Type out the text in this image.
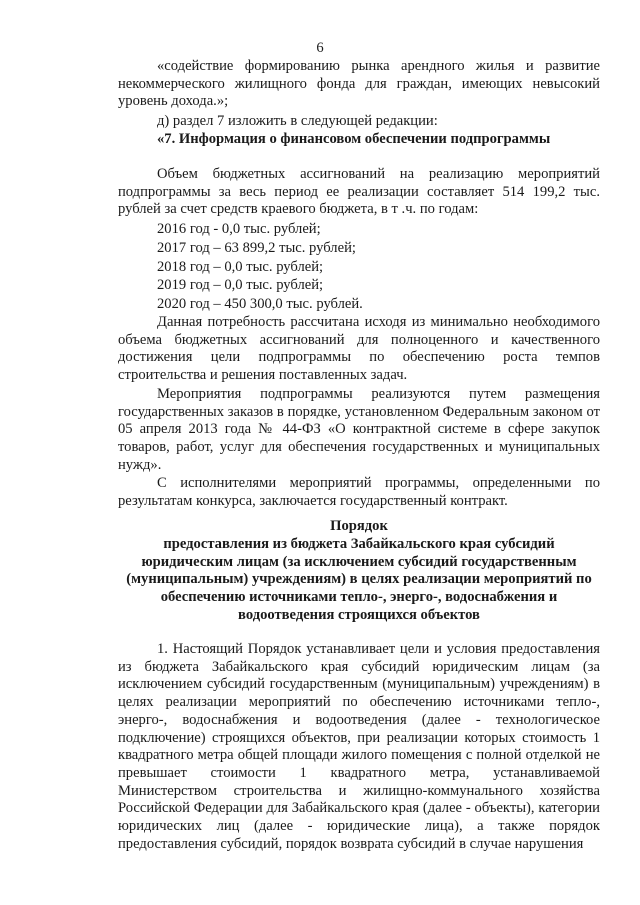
6

«содействие формированию рынка арендного жилья и развитие некоммерческого жилищного фонда для граждан, имеющих невысокий уровень дохода.»;

д) раздел 7 изложить в следующей редакции:

«7. Информация о финансовом обеспечении подпрограммы

Объем бюджетных ассигнований на реализацию мероприятий подпрограммы за весь период ее реализации составляет 514 199,2 тыс. рублей за счет средств краевого бюджета, в т .ч. по годам:

2016 год - 0,0 тыс. рублей;
2017 год – 63 899,2 тыс. рублей;
2018 год – 0,0 тыс. рублей;
2019 год – 0,0 тыс. рублей;
2020 год – 450 300,0 тыс. рублей.

Данная потребность рассчитана исходя из минимально необходимого объема бюджетных ассигнований для полноценного и качественного достижения цели подпрограммы по обеспечению роста темпов строительства и решения поставленных задач.

Мероприятия подпрограммы реализуются путем размещения государственных заказов в порядке, установленном Федеральным законом от 05 апреля 2013 года № 44-ФЗ «О контрактной системе в сфере закупок товаров, работ, услуг для обеспечения государственных и муниципальных нужд».

С исполнителями мероприятий программы, определенными по результатам конкурса, заключается государственный контракт.

Порядок

предоставления из бюджета Забайкальского края субсидий юридическим лицам (за исключением субсидий государственным (муниципальным) учреждениям) в целях реализации мероприятий по обеспечению источниками тепло-, энерго-, водоснабжения и водоотведения строящихся объектов

1. Настоящий Порядок устанавливает цели и условия предоставления из бюджета Забайкальского края субсидий юридическим лицам (за исключением субсидий государственным (муниципальным) учреждениям) в целях реализации мероприятий по обеспечению источниками тепло-, энерго-, водоснабжения и водоотведения (далее - технологическое подключение) строящихся объектов, при реализации которых стоимость 1 квадратного метра общей площади жилого помещения с полной отделкой не превышает стоимости 1 квадратного метра, устанавливаемой Министерством строительства и жилищно-коммунального хозяйства Российской Федерации для Забайкальского края (далее - объекты), категории юридических лиц (далее - юридические лица), а также порядок предоставления субсидий, порядок возврата субсидий в случае нарушения
